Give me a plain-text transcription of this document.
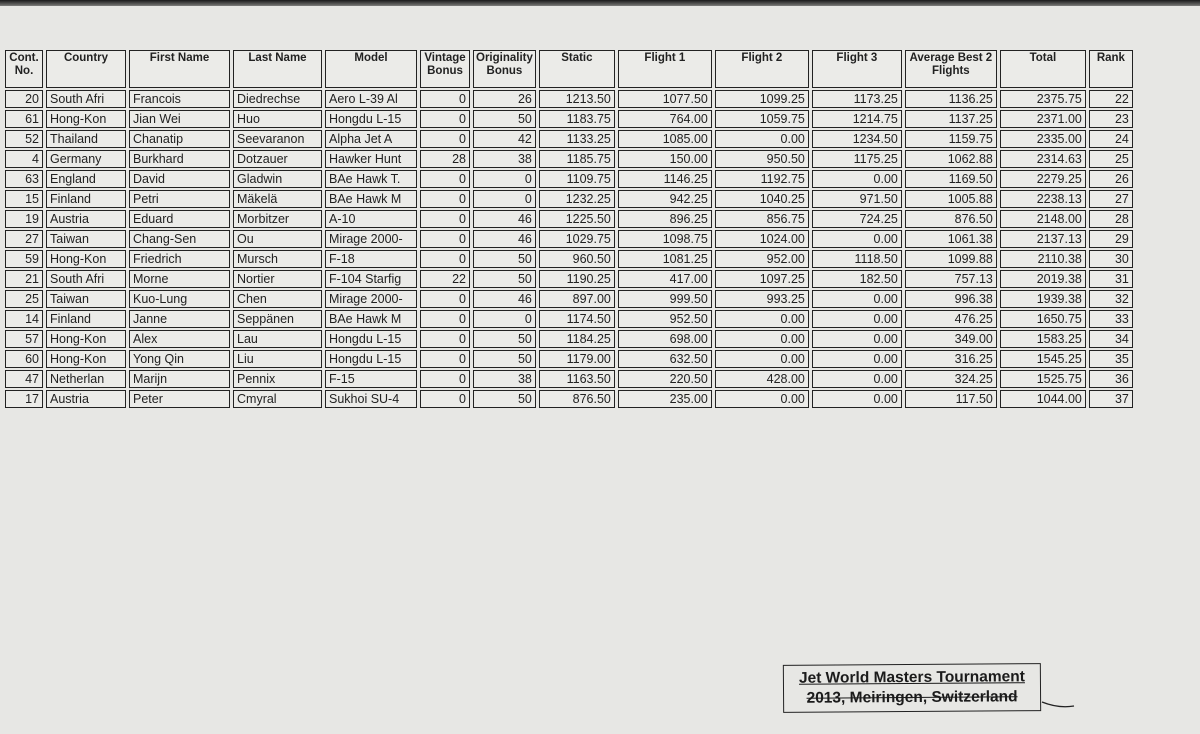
Cont. No.	Country	First Name	Last Name	Model	Vintage Bonus	Originality Bonus	Static	Flight 1	Flight 2	Flight 3	Average Best 2 Flights	Total	Rank
20	South Afri	Francois	Diedrechse	Aero L-39 Al	0	26	1213.50	1077.50	1099.25	1173.25	1136.25	2375.75	22
61	Hong-Kon	Jian Wei	Huo	Hongdu L-15	0	50	1183.75	764.00	1059.75	1214.75	1137.25	2371.00	23
52	Thailand	Chanatip	Seevaranon	Alpha Jet A	0	42	1133.25	1085.00	0.00	1234.50	1159.75	2335.00	24
4	Germany	Burkhard	Dotzauer	Hawker Hunt	28	38	1185.75	150.00	950.50	1175.25	1062.88	2314.63	25
63	England	David	Gladwin	BAe Hawk T.	0	0	1109.75	1146.25	1192.75	0.00	1169.50	2279.25	26
15	Finland	Petri	Mäkelä	BAe Hawk M	0	0	1232.25	942.25	1040.25	971.50	1005.88	2238.13	27
19	Austria	Eduard	Morbitzer	A-10	0	46	1225.50	896.25	856.75	724.25	876.50	2148.00	28
27	Taiwan	Chang-Sen	Ou	Mirage 2000-	0	46	1029.75	1098.75	1024.00	0.00	1061.38	2137.13	29
59	Hong-Kon	Friedrich	Mursch	F-18	0	50	960.50	1081.25	952.00	1118.50	1099.88	2110.38	30
21	South Afri	Morne	Nortier	F-104 Starfig	22	50	1190.25	417.00	1097.25	182.50	757.13	2019.38	31
25	Taiwan	Kuo-Lung	Chen	Mirage 2000-	0	46	897.00	999.50	993.25	0.00	996.38	1939.38	32
14	Finland	Janne	Seppänen	BAe Hawk M	0	0	1174.50	952.50	0.00	0.00	476.25	1650.75	33
57	Hong-Kon	Alex	Lau	Hongdu L-15	0	50	1184.25	698.00	0.00	0.00	349.00	1583.25	34
60	Hong-Kon	Yong Qin	Liu	Hongdu L-15	0	50	1179.00	632.50	0.00	0.00	316.25	1545.25	35
47	Netherlan	Marijn	Pennix	F-15	0	38	1163.50	220.50	428.00	0.00	324.25	1525.75	36
17	Austria	Peter	Cmyral	Sukhoi SU-4	0	50	876.50	235.00	0.00	0.00	117.50	1044.00	37
Jet World Masters Tournament
2013, Meiringen, Switzerland
